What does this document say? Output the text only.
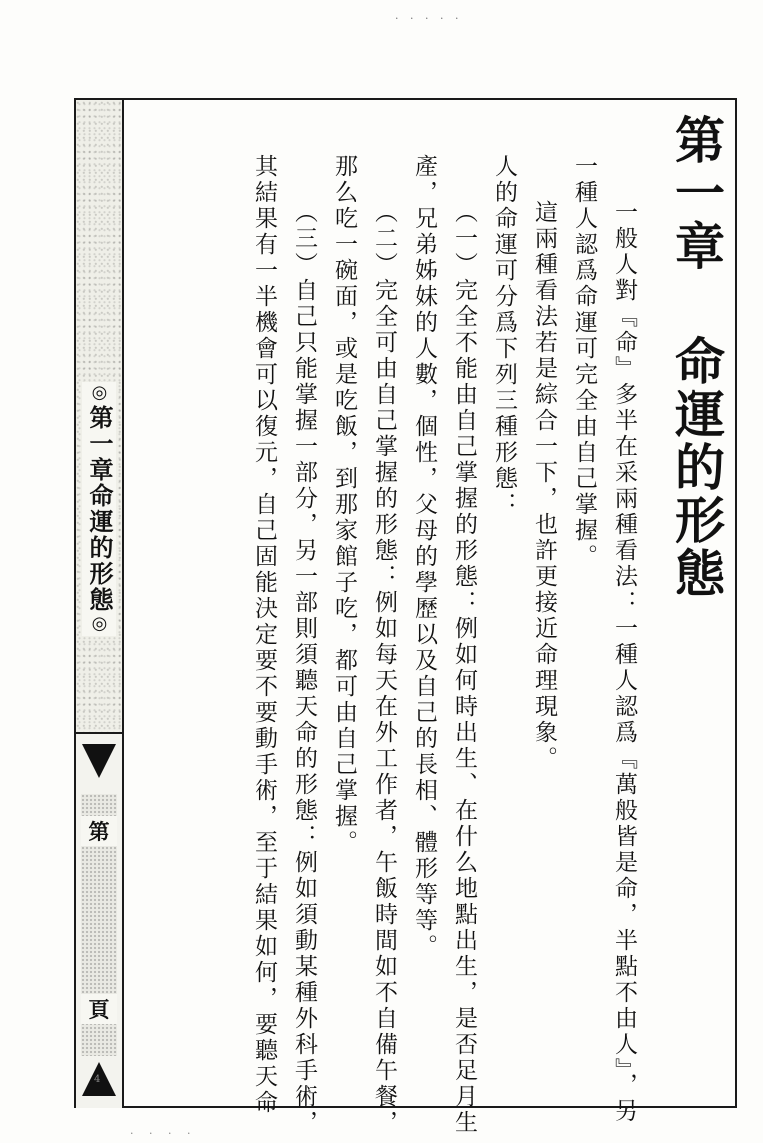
· · · · ·
◎第一章命運的形態◎
第
頁
4
第一章命運的形態

一般人對『命』多半在采兩種看法：一種人認爲『萬般皆是命，半點不由人』，另

一種人認爲命運可完全由自己掌握。

這兩種看法若是綜合一下，也許更接近命理現象。

人的命運可分爲下列三種形態：

（一）完全不能由自己掌握的形態：例如何時出生、在什么地點出生，是否足月生

產，兄弟姊妹的人數，個性，父母的學歷以及自己的長相、體形等等。

（二）完全可由自己掌握的形態：例如每天在外工作者，午飯時間如不自備午餐，

那么吃一碗面，或是吃飯，到那家館子吃，都可由自己掌握。

（三）自己只能掌握一部分，另一部則須聽天命的形態：例如須動某種外科手術，

其結果有一半機會可以復元，自己固能決定要不要動手術，至于結果如何，要聽天命

· · · ·
